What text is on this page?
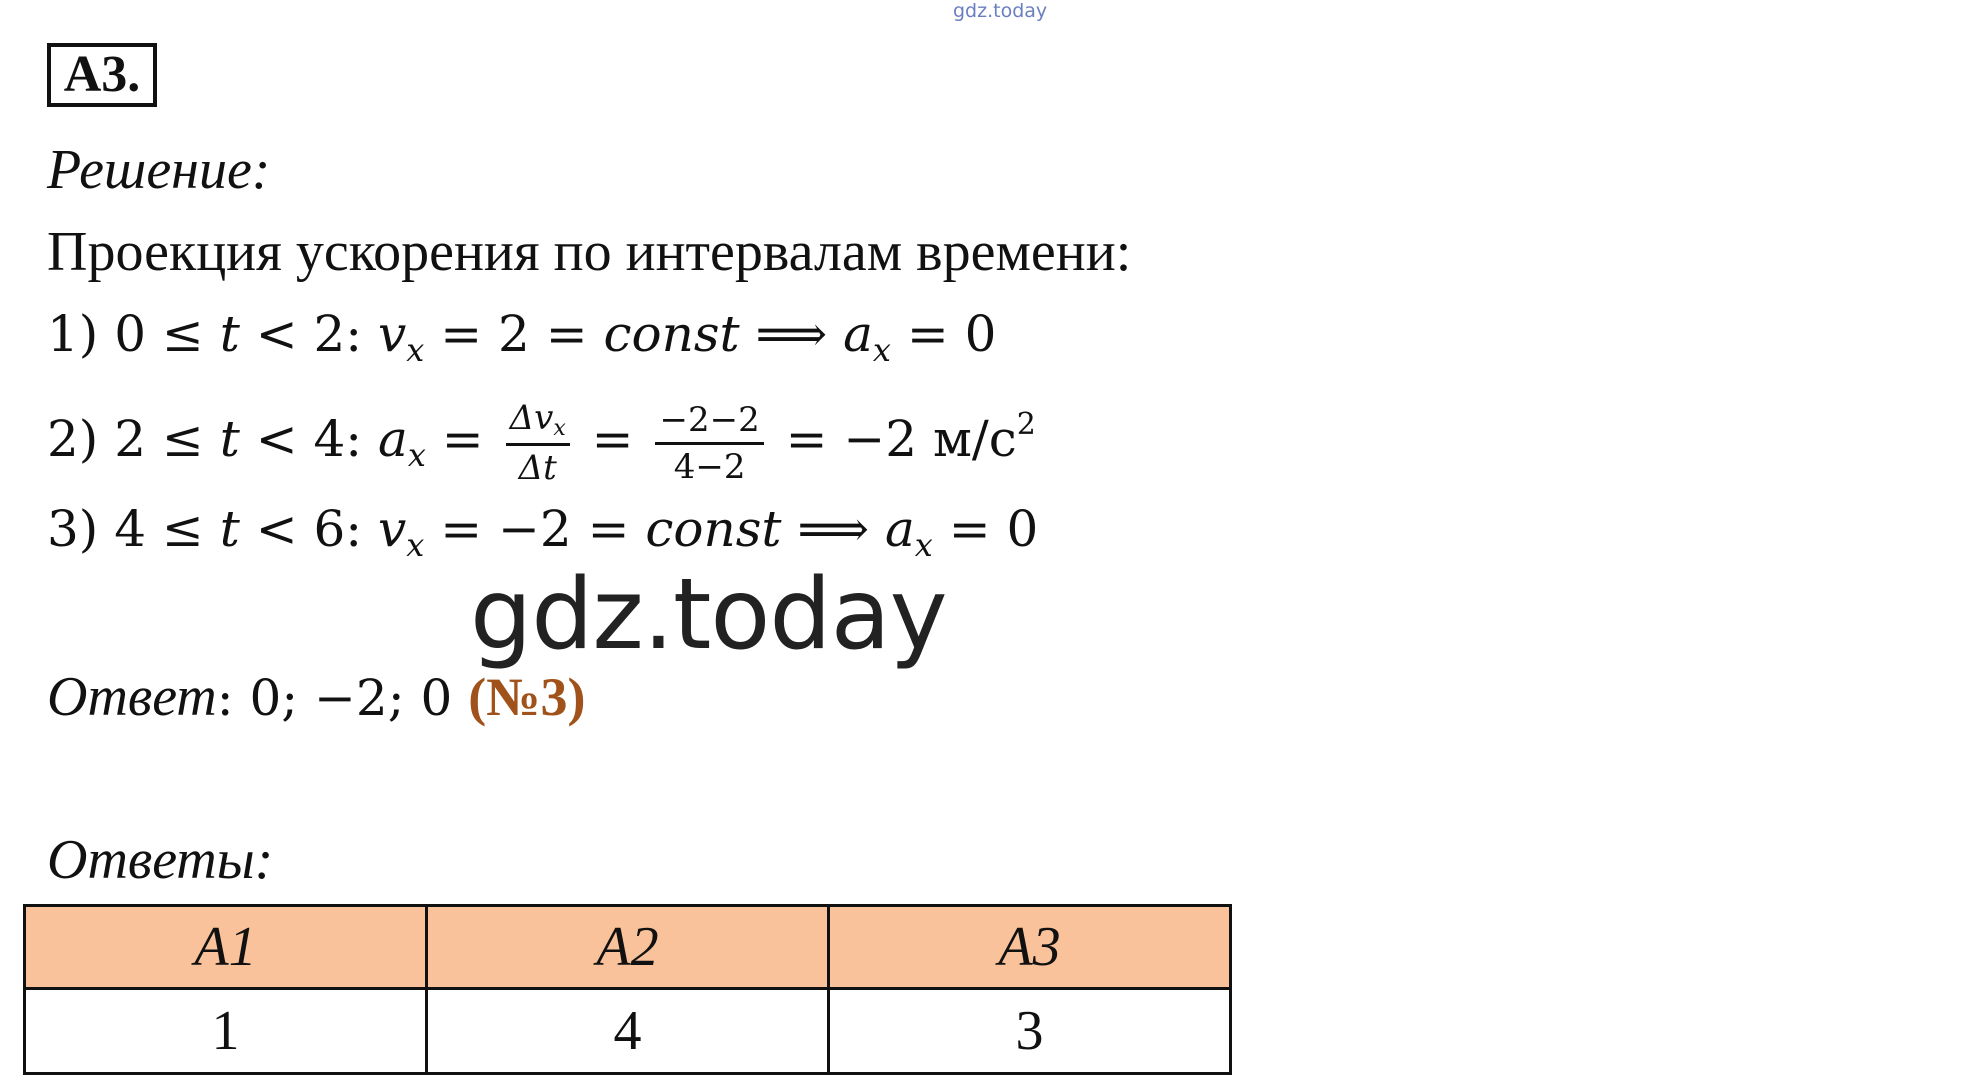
gdz.today
А3.
Решение:
Проекция ускорения по интервалам времени:
1) 0 ≤ t < 2: $v_x = 2$ = const ⟹ $a_x = 0$
2) 2 ≤ t < 4: $a_x = \frac{\Delta v_x}{\Delta t} = \frac{-2-2}{4-2} = -2$ $м/с^2$
3) 4 ≤ t < 6: $v_x = -2$ = const ⟹ $a_x = 0$
gdz.today
Ответ: 0; −2; 0 (№3)
Ответы:
А1	А2	А3
1	4	3
